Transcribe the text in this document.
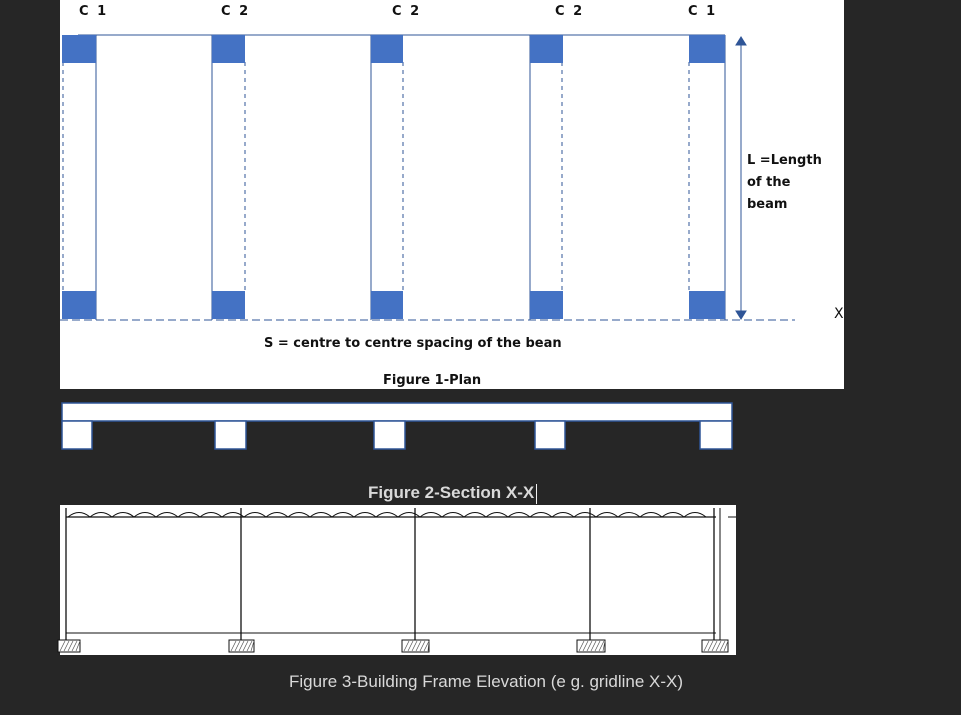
C 1	C 2	C 2	C 2	C 1
L =Length
of the
beam
X
S = centre to centre spacing of the bean
Figure 1-Plan
Figure 2-Section X-X
Figure 3-Building Frame Elevation (e g. gridline X-X)
